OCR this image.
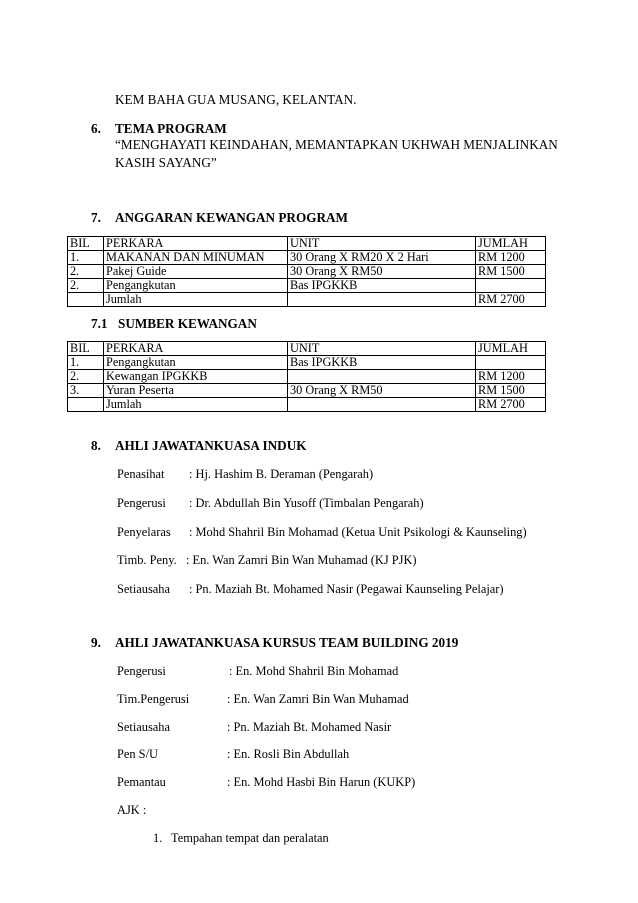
KEM BAHA GUA MUSANG, KELANTAN.
6. TEMA PROGRAM
“MENGHAYATI KEINDAHAN, MEMANTAPKAN UKHWAH MENJALINKAN
KASIH SAYANG”
7. ANGGARAN KEWANGAN PROGRAM
BIL	PERKARA	UNIT	JUMLAH
1.	MAKANAN DAN MINUMAN	30 Orang X RM20 X 2 Hari	RM 1200
2.	Pakej Guide	30 Orang X RM50	RM 1500
2.	Pengangkutan	Bas IPGKKB	
	Jumlah		RM 2700
7.1 SUMBER KEWANGAN
BIL	PERKARA	UNIT	JUMLAH
1.	Pengangkutan	Bas IPGKKB	
2.	Kewangan IPGKKB		RM 1200
3.	Yuran Peserta	30 Orang X RM50	RM 1500
	Jumlah		RM 2700
8. AHLI JAWATANKUASA INDUK
Penasihat : Hj. Hashim B. Deraman (Pengarah)
Pengerusi : Dr. Abdullah Bin Yusoff (Timbalan Pengarah)
Penyelaras : Mohd Shahril Bin Mohamad (Ketua Unit Psikologi & Kaunseling)
Timb. Peny. : En. Wan Zamri Bin Wan Muhamad (KJ PJK)
Setiausaha : Pn. Maziah Bt. Mohamed Nasir (Pegawai Kaunseling Pelajar)
9. AHLI JAWATANKUASA KURSUS TEAM BUILDING 2019
Pengerusi	: En. Mohd Shahril Bin Mohamad
Tim.Pengerusi	: En. Wan Zamri Bin Wan Muhamad
Setiausaha	: Pn. Maziah Bt. Mohamed Nasir
Pen S/U	: En. Rosli Bin Abdullah
Pemantau	: En. Mohd Hasbi Bin Harun (KUKP)
AJK :
1. Tempahan tempat dan peralatan
